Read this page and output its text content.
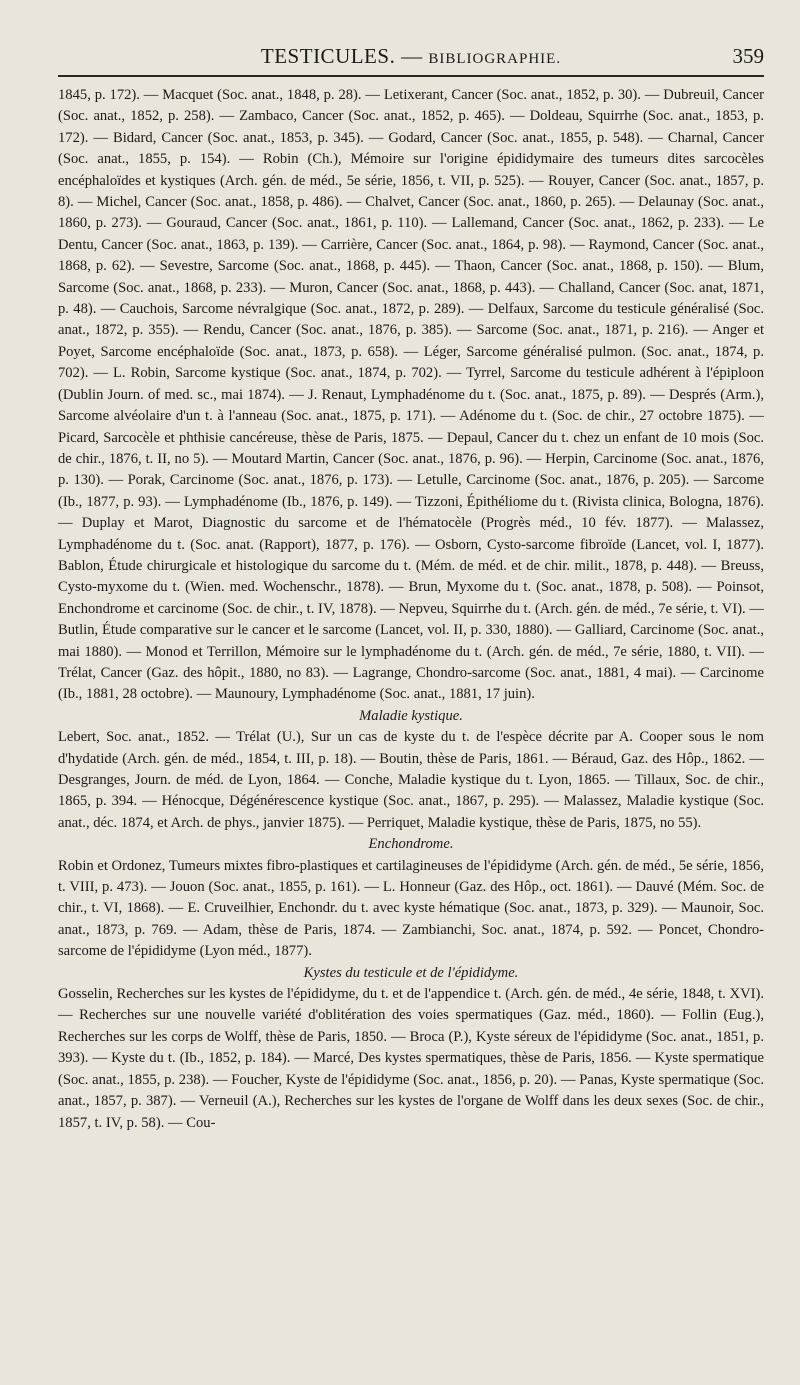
TESTICULES. — BIBLIOGRAPHIE.	359

1845, p. 172). — Macquet (Soc. anat., 1848, p. 28). — Letixerant, Cancer (Soc. anat., 1852, p. 30). — Dubreuil, Cancer (Soc. anat., 1852, p. 258). — Zambaco, Cancer (Soc. anat., 1852, p. 465). — Doldeau, Squirrhe (Soc. anat., 1853, p. 172). — Bidard, Cancer (Soc. anat., 1853, p. 345). — Godard, Cancer (Soc. anat., 1855, p. 548). — Charnal, Cancer (Soc. anat., 1855, p. 154). — Robin (Ch.), Mémoire sur l'origine épididymaire des tumeurs dites sarcocèles encéphaloïdes et kystiques (Arch. gén. de méd., 5e série, 1856, t. VII, p. 525). — Rouyer, Cancer (Soc. anat., 1857, p. 8). — Michel, Cancer (Soc. anat., 1858, p. 486). — Chalvet, Cancer (Soc. anat., 1860, p. 265). — Delaunay (Soc. anat., 1860, p. 273). — Gouraud, Cancer (Soc. anat., 1861, p. 110). — Lallemand, Cancer (Soc. anat., 1862, p. 233). — Le Dentu, Cancer (Soc. anat., 1863, p. 139). — Carrière, Cancer (Soc. anat., 1864, p. 98). — Raymond, Cancer (Soc. anat., 1868, p. 62). — Sevestre, Sarcome (Soc. anat., 1868, p. 445). — Thaon, Cancer (Soc. anat., 1868, p. 150). — Blum, Sarcome (Soc. anat., 1868, p. 233). — Muron, Cancer (Soc. anat., 1868, p. 443). — Challand, Cancer (Soc. anat, 1871, p. 48). — Cauchois, Sarcome névralgique (Soc. anat., 1872, p. 289). — Delfaux, Sarcome du testicule généralisé (Soc. anat., 1872, p. 355). — Rendu, Cancer (Soc. anat., 1876, p. 385). — Sarcome (Soc. anat., 1871, p. 216). — Anger et Poyet, Sarcome encéphaloïde (Soc. anat., 1873, p. 658). — Léger, Sarcome généralisé pulmon. (Soc. anat., 1874, p. 702). — L. Robin, Sarcome kystique (Soc. anat., 1874, p. 702). — Tyrrel, Sarcome du testicule adhérent à l'épiploon (Dublin Journ. of med. sc., mai 1874). — J. Renaut, Lymphadénome du t. (Soc. anat., 1875, p. 89). — Després (Arm.), Sarcome alvéolaire d'un t. à l'anneau (Soc. anat., 1875, p. 171). — Adénome du t. (Soc. de chir., 27 octobre 1875). — Picard, Sarcocèle et phthisie cancéreuse, thèse de Paris, 1875. — Depaul, Cancer du t. chez un enfant de 10 mois (Soc. de chir., 1876, t. II, no 5). — Moutard Martin, Cancer (Soc. anat., 1876, p. 96). — Herpin, Carcinome (Soc. anat., 1876, p. 130). — Porak, Carcinome (Soc. anat., 1876, p. 173). — Letulle, Carcinome (Soc. anat., 1876, p. 205). — Sarcome (Ib., 1877, p. 93). — Lymphadénome (Ib., 1876, p. 149). — Tizzoni, Épithéliome du t. (Rivista clinica, Bologna, 1876). — Duplay et Marot, Diagnostic du sarcome et de l'hématocèle (Progrès méd., 10 fév. 1877). — Malassez, Lymphadénome du t. (Soc. anat. (Rapport), 1877, p. 176). — Osborn, Cysto-sarcome fibroïde (Lancet, vol. I, 1877). Bablon, Étude chirurgicale et histologique du sarcome du t. (Mém. de méd. et de chir. milit., 1878, p. 448). — Breuss, Cysto-myxome du t. (Wien. med. Wochenschr., 1878). — Brun, Myxome du t. (Soc. anat., 1878, p. 508). — Poinsot, Enchondrome et carcinome (Soc. de chir., t. IV, 1878). — Nepveu, Squirrhe du t. (Arch. gén. de méd., 7e série, t. VI). — Butlin, Étude comparative sur le cancer et le sarcome (Lancet, vol. II, p. 330, 1880). — Galliard, Carcinome (Soc. anat., mai 1880). — Monod et Terrillon, Mémoire sur le lymphadénome du t. (Arch. gén. de méd., 7e série, 1880, t. VII). — Trélat, Cancer (Gaz. des hôpit., 1880, no 83). — Lagrange, Chondro-sarcome (Soc. anat., 1881, 4 mai). — Carcinome (Ib., 1881, 28 octobre). — Maunoury, Lymphadénome (Soc. anat., 1881, 17 juin).

Maladie kystique.

Lebert, Soc. anat., 1852. — Trélat (U.), Sur un cas de kyste du t. de l'espèce décrite par A. Cooper sous le nom d'hydatide (Arch. gén. de méd., 1854, t. III, p. 18). — Boutin, thèse de Paris, 1861. — Béraud, Gaz. des Hôp., 1862. — Desgranges, Journ. de méd. de Lyon, 1864. — Conche, Maladie kystique du t. Lyon, 1865. — Tillaux, Soc. de chir., 1865, p. 394. — Hénocque, Dégénérescence kystique (Soc. anat., 1867, p. 295). — Malassez, Maladie kystique (Soc. anat., déc. 1874, et Arch. de phys., janvier 1875). — Perriquet, Maladie kystique, thèse de Paris, 1875, no 55).

Enchondrome.

Robin et Ordonez, Tumeurs mixtes fibro-plastiques et cartilagineuses de l'épididyme (Arch. gén. de méd., 5e série, 1856, t. VIII, p. 473). — Jouon (Soc. anat., 1855, p. 161). — L. Honneur (Gaz. des Hôp., oct. 1861). — Dauvé (Mém. Soc. de chir., t. VI, 1868). — E. Cruveilhier, Enchondr. du t. avec kyste hématique (Soc. anat., 1873, p. 329). — Maunoir, Soc. anat., 1873, p. 769. — Adam, thèse de Paris, 1874. — Zambianchi, Soc. anat., 1874, p. 592. — Poncet, Chondro-sarcome de l'épididyme (Lyon méd., 1877).

Kystes du testicule et de l'épididyme.

Gosselin, Recherches sur les kystes de l'épididyme, du t. et de l'appendice t. (Arch. gén. de méd., 4e série, 1848, t. XVI). — Recherches sur une nouvelle variété d'oblitération des voies spermatiques (Gaz. méd., 1860). — Follin (Eug.), Recherches sur les corps de Wolff, thèse de Paris, 1850. — Broca (P.), Kyste séreux de l'épididyme (Soc. anat., 1851, p. 393). — Kyste du t. (Ib., 1852, p. 184). — Marcé, Des kystes spermatiques, thèse de Paris, 1856. — Kyste spermatique (Soc. anat., 1855, p. 238). — Foucher, Kyste de l'épididyme (Soc. anat., 1856, p. 20). — Panas, Kyste spermatique (Soc. anat., 1857, p. 387). — Verneuil (A.), Recherches sur les kystes de l'organe de Wolff dans les deux sexes (Soc. de chir., 1857, t. IV, p. 58). — Cou-
